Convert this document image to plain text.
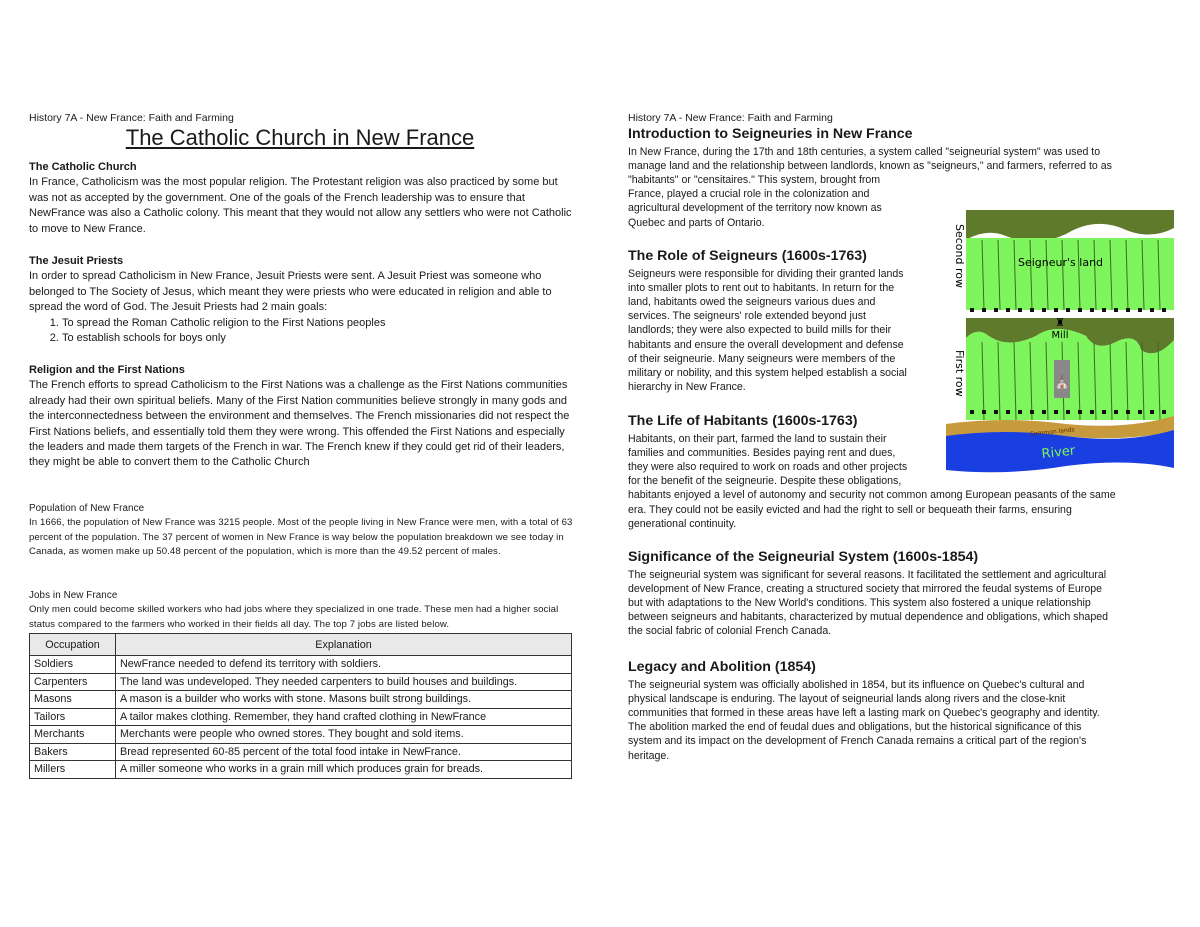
History 7A - New France: Faith and Farming
The Catholic Church in New France
The Catholic Church

In France, Catholicism was the most popular religion. The Protestant religion was also practiced by some but was not as accepted by the government. One of the goals of the French leadership was to ensure that NewFrance was also a Catholic colony. This meant that they would not allow any settlers who were not Catholic to move to New France.

The Jesuit Priests

In order to spread Catholicism in New France, Jesuit Priests were sent. A Jesuit Priest was someone who belonged to The Society of Jesus, which meant they were priests who were educated in religion and able to spread the word of God. The Jesuit Priests had 2 main goals:

1. To spread the Roman Catholic religion to the First Nations peoples
2. To establish schools for boys only
Religion and the First Nations

The French efforts to spread Catholicism to the First Nations was a challenge as the First Nations communities already had their own spiritual beliefs. Many of the First Nation communities believe strongly in many gods and the interconnectedness between the environment and themselves. The French missionaries did not respect the First Nations beliefs, and essentially told them they were wrong. This offended the First Nations and especially the leaders and made them targets of the French in war. The French knew if they could get rid of their leaders, they might be able to convert them to the Catholic Church

Population of New France

In 1666, the population of New France was 3215 people. Most of the people living in New France were men, with a total of 63 percent of the population. The 37 percent of women in New France is way below the population breakdown we see today in Canada, as women make up 50.48 percent of the population, which is more than the 49.52 percent of males.

Jobs in New France

Only men could become skilled workers who had jobs where they specialized in one trade. These men had a higher social status compared to the farmers who worked in their fields all day. The top 7 jobs are listed below.

Occupation	Explanation
Soldiers	NewFrance needed to defend its territory with soldiers.
Carpenters	The land was undeveloped. They needed carpenters to build houses and buildings.
Masons	A mason is a builder who works with stone. Masons built strong buildings.
Tailors	A tailor makes clothing. Remember, they hand crafted clothing in NewFrance
Merchants	Merchants were people who owned stores. They bought and sold items.
Bakers	Bread represented 60-85 percent of the total food intake in NewFrance.
Millers	A miller someone who works in a grain mill which produces grain for breads.
History 7A - New France: Faith and Farming
Introduction to Seigneuries in New France

In New France, during the 17th and 18th centuries, a system called "seigneurial system" was used to

manage land and the relationship between landlords, known as "seigneurs," and farmers, referred to as

"habitants" or "censitaires." This system, brought from

France, played a crucial role in the colonization and

agricultural development of the territory now known as

Quebec and parts of Ontario.

The Role of Seigneurs (1600s-1763)

Seigneurs were responsible for dividing their granted lands

into smaller plots to rent out to habitants. In return for the

land, habitants owed the seigneurs various dues and

services. The seigneurs' role extended beyond just

landlords; they were also expected to build mills for their

habitants and ensure the overall development and defense

of their seigneurie. Many seigneurs were members of the

military or nobility, and this system helped establish a social

hierarchy in New France.

The Life of Habitants (1600s-1763)

Habitants, on their part, farmed the land to sustain their

families and communities. Besides paying rent and dues,

they were also required to work on roads and other projects

for the benefit of the seigneurie. Despite these obligations,

habitants enjoyed a level of autonomy and security not common among European peasants of the same

era. They could not be easily evicted and had the right to sell or bequeath their farms, ensuring

generational continuity.

Significance of the Seigneurial System (1600s-1854)

The seigneurial system was significant for several reasons. It facilitated the settlement and agricultural

development of New France, creating a structured society that mirrored the feudal systems of Europe

but with adaptations to the New World's conditions. This system also fostered a unique relationship

between seigneurs and habitants, characterized by mutual dependence and obligations, which shaped

the social fabric of colonial French Canada.

Legacy and Abolition (1854)

The seigneurial system was officially abolished in 1854, but its influence on Quebec's cultural and

physical landscape is enduring. The layout of seigneurial lands along rivers and the close-knit

communities that formed in these areas have left a lasting mark on Quebec's geography and identity.

The abolition marked the end of feudal dues and obligations, but the historical significance of this

system and its impact on the development of French Canada remains a critical part of the region's

heritage.

⛪
♜
Mill
Seigneur's land
River
Common lands
Second row
First row
